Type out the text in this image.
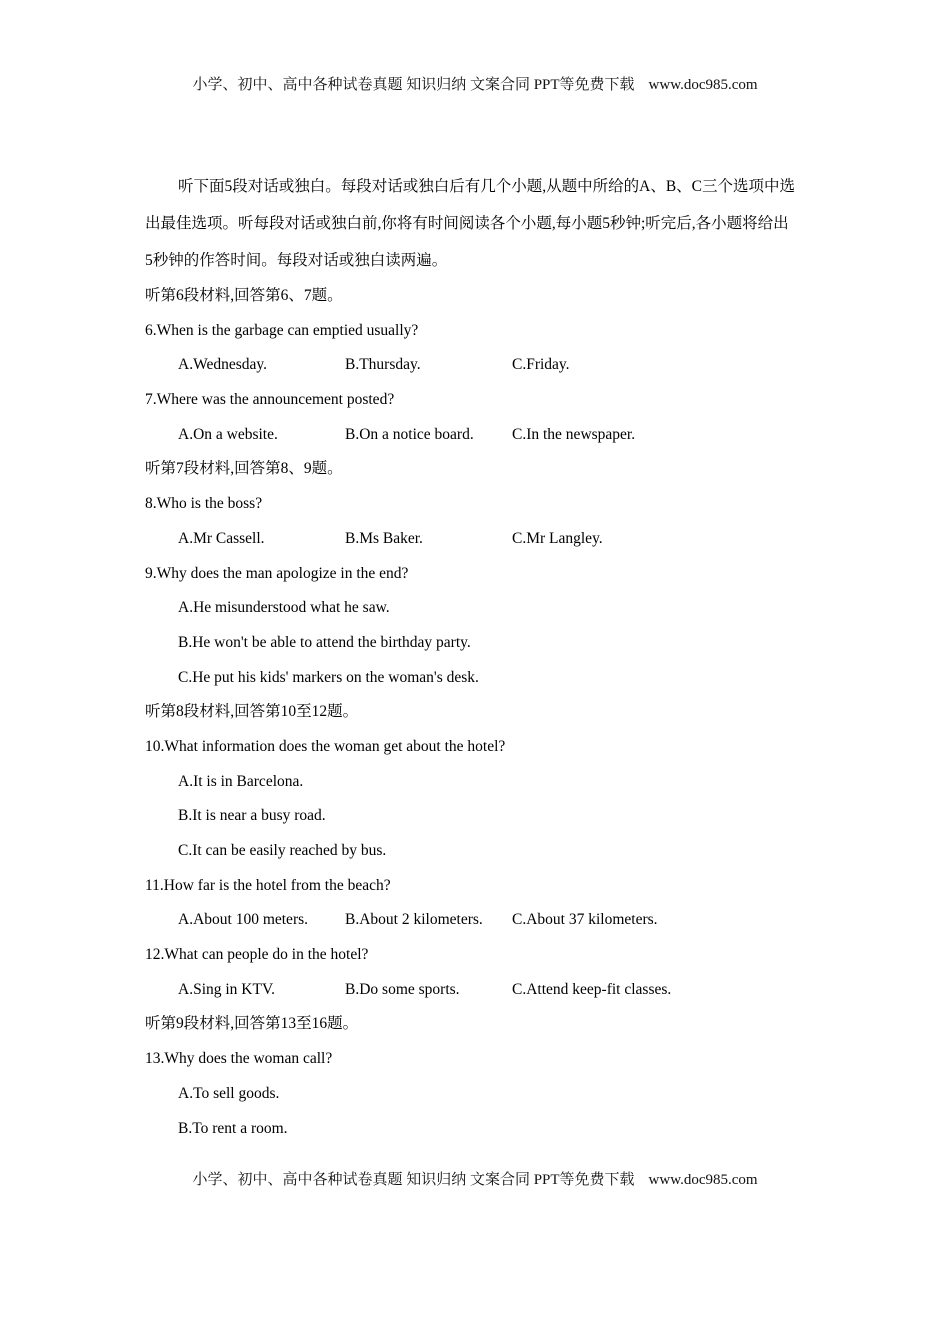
小学、初中、高中各种试卷真题 知识归纳 文案合同 PPT等免费下载 www.doc985.com

听下面5段对话或独白。每段对话或独白后有几个小题,从题中所给的A、B、C三个选项中选出最佳选项。听每段对话或独白前,你将有时间阅读各个小题,每小题5秒钟;听完后,各小题将给出5秒钟的作答时间。每段对话或独白读两遍。

听第6段材料,回答第6、7题。
6.When is the garbage can emptied usually?
A.Wednesday.	B.Thursday.	C.Friday.
7.Where was the announcement posted?
A.On a website.	B.On a notice board. C.In the newspaper.
听第7段材料,回答第8、9题。
8.Who is the boss?
A.Mr Cassell.	B.Ms Baker.	C.Mr Langley.
9.Why does the man apologize in the end?
A.He misunderstood what he saw.
B.He won't be able to attend the birthday party.
C.He put his kids' markers on the woman's desk.
听第8段材料,回答第10至12题。
10.What information does the woman get about the hotel?
A.It is in Barcelona.
B.It is near a busy road.
C.It can be easily reached by bus.
11.How far is the hotel from the beach?
A.About 100 meters. B.About 2 kilometers. C.About 37 kilometers.
12.What can people do in the hotel?
A.Sing in KTV.	B.Do some sports.	C.Attend keep-fit classes.
听第9段材料,回答第13至16题。
13.Why does the woman call?
A.To sell goods.
B.To rent a room.
小学、初中、高中各种试卷真题 知识归纳 文案合同 PPT等免费下载 www.doc985.com
